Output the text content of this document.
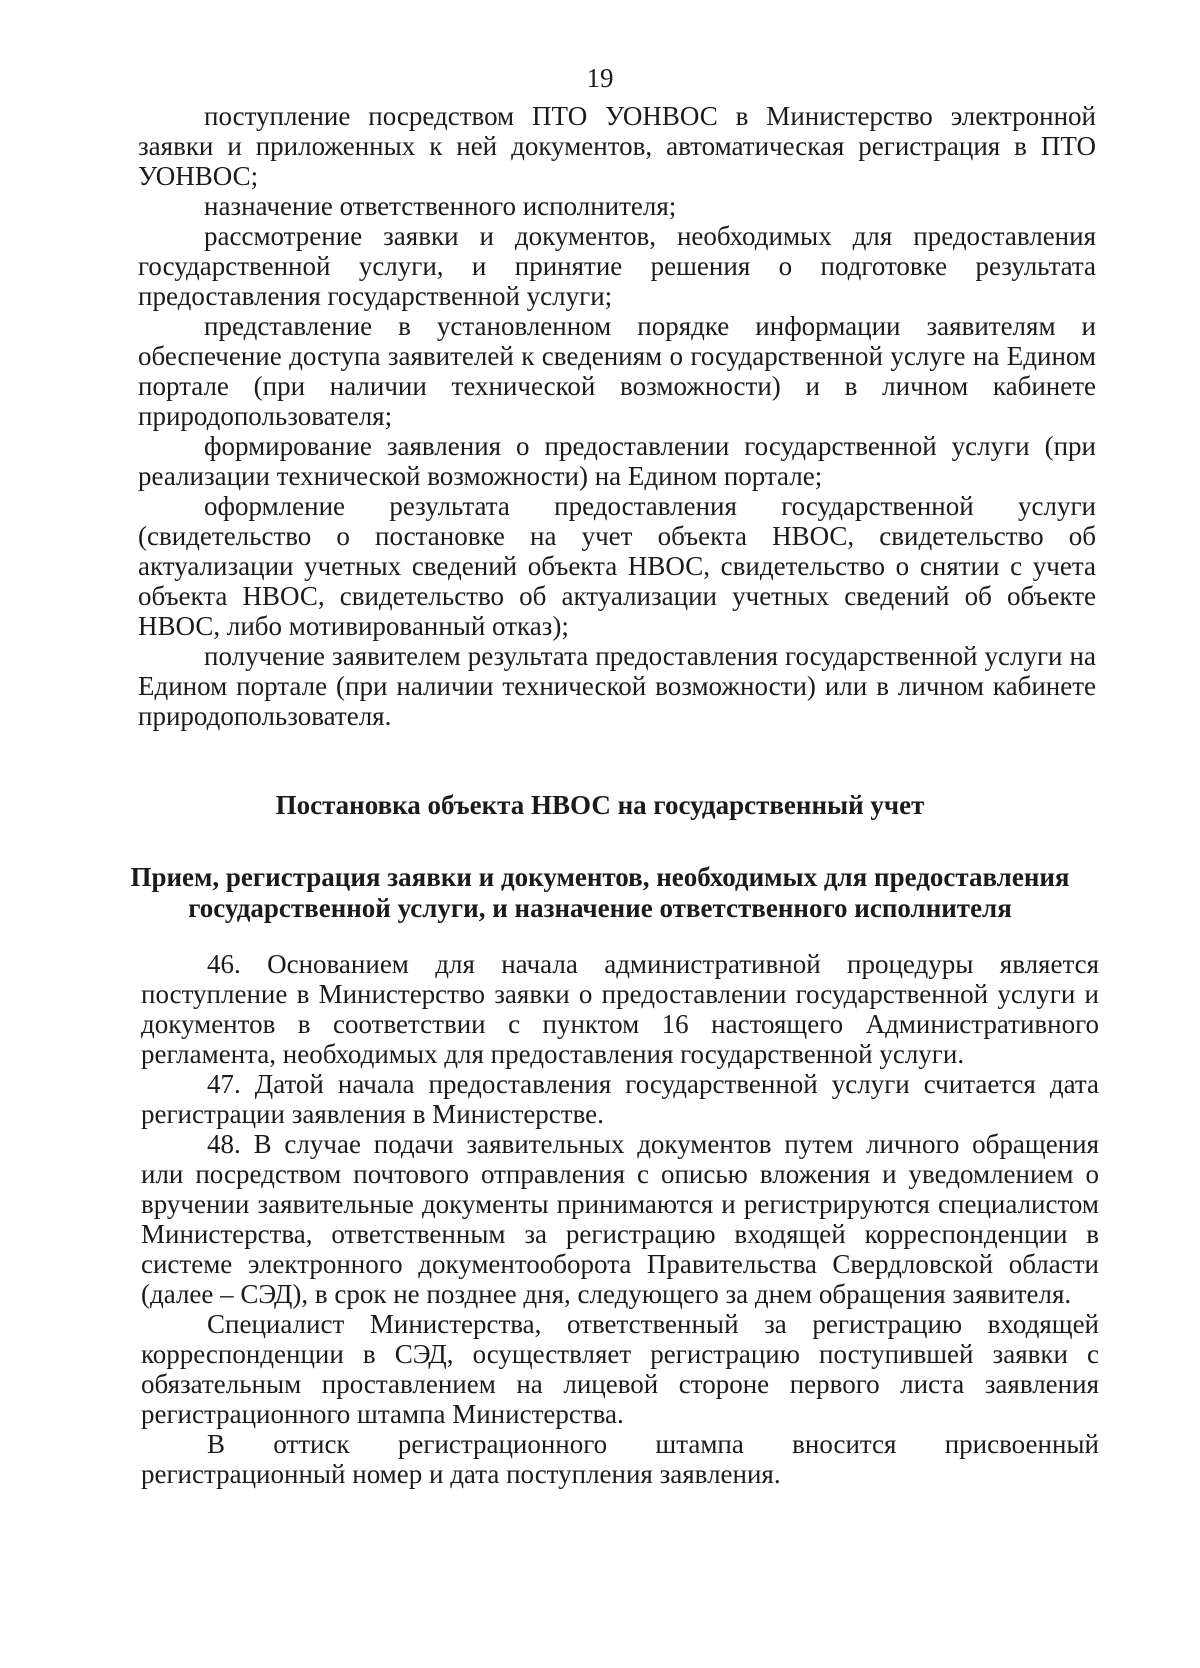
19

поступление посредством ПТО УОНВОС в Министерство электронной заявки и приложенных к ней документов, автоматическая регистрация в ПТО УОНВОС;

назначение ответственного исполнителя;

рассмотрение заявки и документов, необходимых для предоставления государственной услуги, и принятие решения о подготовке результата предоставления государственной услуги;

представление в установленном порядке информации заявителям и обеспечение доступа заявителей к сведениям о государственной услуге на Едином портале (при наличии технической возможности) и в личном кабинете природопользователя;

формирование заявления о предоставлении государственной услуги (при реализации технической возможности) на Едином портале;

оформление результата предоставления государственной услуги (свидетельство о постановке на учет объекта НВОС, свидетельство об актуализации учетных сведений объекта НВОС, свидетельство о снятии с учета объекта НВОС, свидетельство об актуализации учетных сведений об объекте НВОС, либо мотивированный отказ);

получение заявителем результата предоставления государственной услуги на Едином портале (при наличии технической возможности) или в личном кабинете природопользователя.

Постановка объекта НВОС на государственный учет
Прием, регистрация заявки и документов, необходимых для предоставления
государственной услуги, и назначение ответственного исполнителя

46. Основанием для начала административной процедуры является поступление в Министерство заявки о предоставлении государственной услуги и документов в соответствии с пунктом 16 настоящего Административного регламента, необходимых для предоставления государственной услуги.

47. Датой начала предоставления государственной услуги считается дата регистрации заявления в Министерстве.

48. В случае подачи заявительных документов путем личного обращения или посредством почтового отправления с описью вложения и уведомлением о вручении заявительные документы принимаются и регистрируются специалистом Министерства, ответственным за регистрацию входящей корреспонденции в системе электронного документооборота Правительства Свердловской области (далее – СЭД), в срок не позднее дня, следующего за днем обращения заявителя.

Специалист Министерства, ответственный за регистрацию входящей корреспонденции в СЭД, осуществляет регистрацию поступившей заявки с обязательным проставлением на лицевой стороне первого листа заявления регистрационного штампа Министерства.

В оттиск регистрационного штампа вносится присвоенный регистрационный номер и дата поступления заявления.
